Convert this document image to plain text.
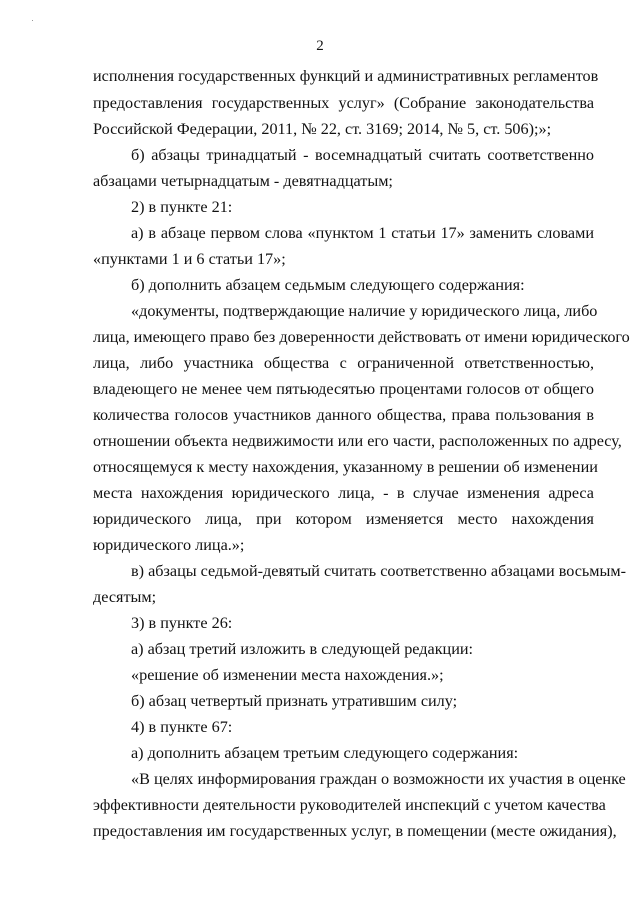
2
исполнения государственных функций и административных регламентов
предоставления государственных услуг» (Собрание законодательства
Российской Федерации, 2011, № 22, ст. 3169; 2014, № 5, ст. 506);»;
б) абзацы тринадцатый - восемнадцатый считать соответственно
абзацами четырнадцатым - девятнадцатым;
2) в пункте 21:
а) в абзаце первом слова «пунктом 1 статьи 17» заменить словами
«пунктами 1 и 6 статьи 17»;
б) дополнить абзацем седьмым следующего содержания:
«документы, подтверждающие наличие у юридического лица, либо
лица, имеющего право без доверенности действовать от имени юридического
лица, либо участника общества с ограниченной ответственностью,
владеющего не менее чем пятьюдесятью процентами голосов от общего
количества голосов участников данного общества, права пользования в
отношении объекта недвижимости или его части, расположенных по адресу,
относящемуся к месту нахождения, указанному в решении об изменении
места нахождения юридического лица, - в случае изменения адреса
юридического лица, при котором изменяется место нахождения
юридического лица.»;
в) абзацы седьмой-девятый считать соответственно абзацами восьмым-
десятым;
3) в пункте 26:
а) абзац третий изложить в следующей редакции:
«решение об изменении места нахождения.»;
б) абзац четвертый признать утратившим силу;
4) в пункте 67:
а) дополнить абзацем третьим следующего содержания:
«В целях информирования граждан о возможности их участия в оценке
эффективности деятельности руководителей инспекций с учетом качества
предоставления им государственных услуг, в помещении (месте ожидания),
